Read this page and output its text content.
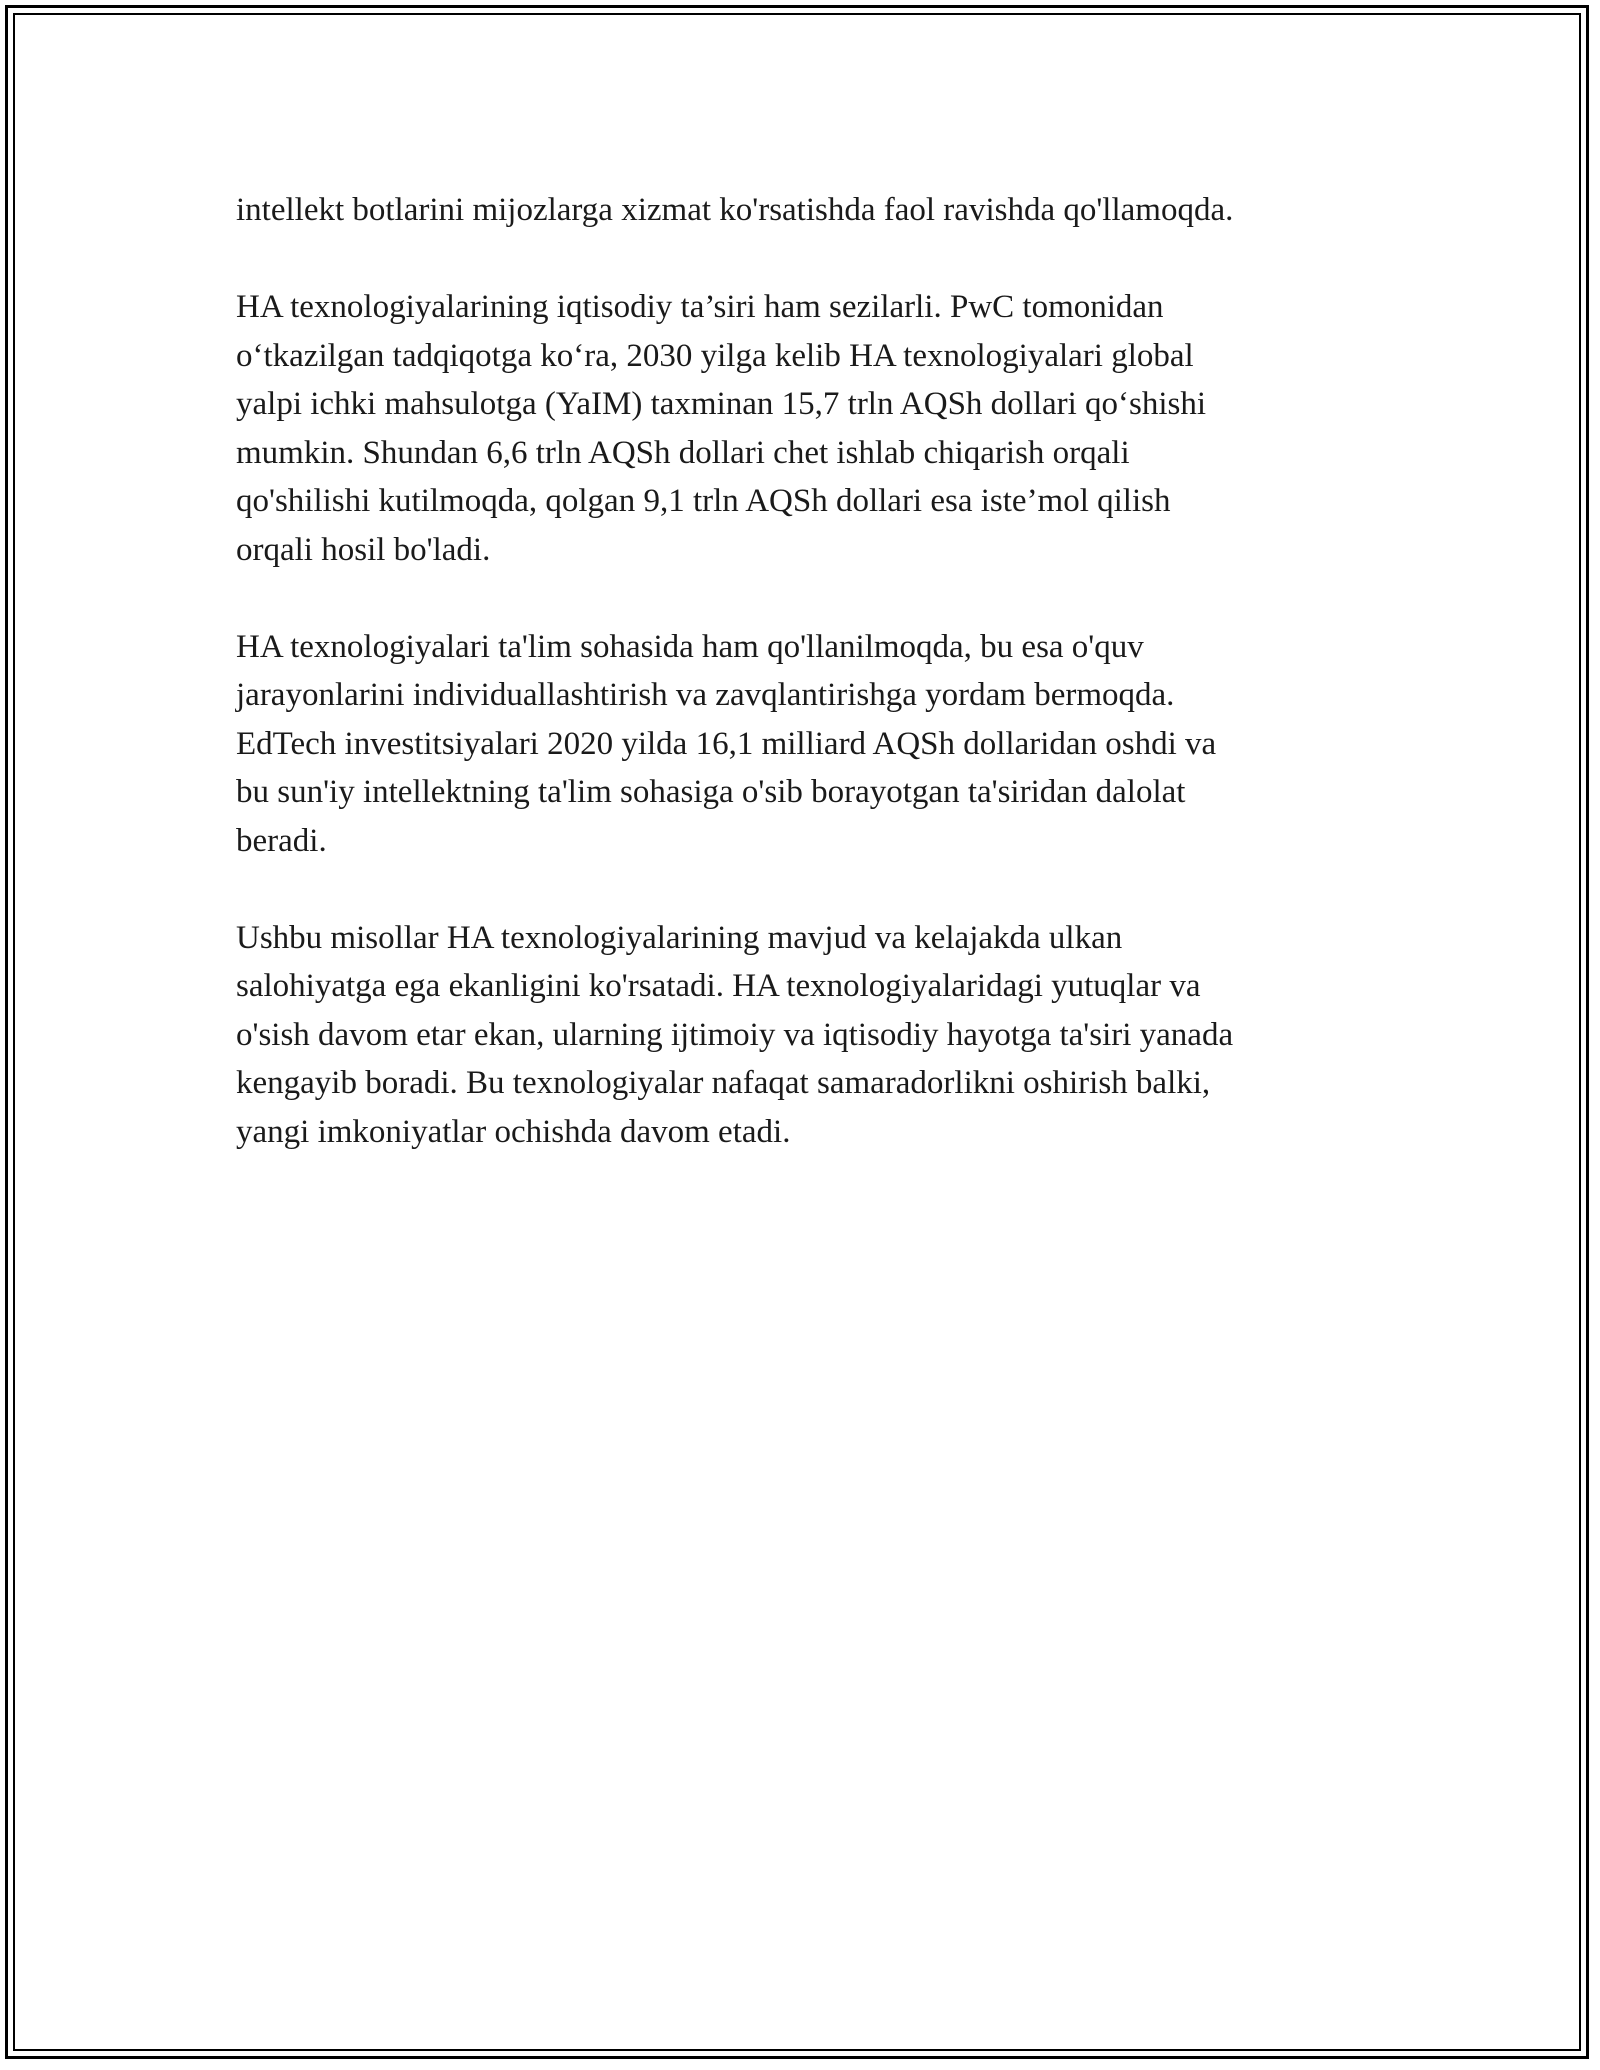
intellekt botlarini mijozlarga xizmat ko'rsatishda faol ravishda qo'llamoqda.

HA texnologiyalarining iqtisodiy ta’siri ham sezilarli. PwC tomonidan
o‘tkazilgan tadqiqotga ko‘ra, 2030 yilga kelib HA texnologiyalari global
yalpi ichki mahsulotga (YaIM) taxminan 15,7 trln AQSh dollari qo‘shishi
mumkin. Shundan 6,6 trln AQSh dollari chet ishlab chiqarish orqali
qo'shilishi kutilmoqda, qolgan 9,1 trln AQSh dollari esa iste’mol qilish
orqali hosil bo'ladi.

HA texnologiyalari ta'lim sohasida ham qo'llanilmoqda, bu esa o'quv
jarayonlarini individuallashtirish va zavqlantirishga yordam bermoqda.
EdTech investitsiyalari 2020 yilda 16,1 milliard AQSh dollaridan oshdi va
bu sun'iy intellektning ta'lim sohasiga o'sib borayotgan ta'siridan dalolat
beradi.

Ushbu misollar HA texnologiyalarining mavjud va kelajakda ulkan
salohiyatga ega ekanligini ko'rsatadi. HA texnologiyalaridagi yutuqlar va
o'sish davom etar ekan, ularning ijtimoiy va iqtisodiy hayotga ta'siri yanada
kengayib boradi. Bu texnologiyalar nafaqat samaradorlikni oshirish balki,
yangi imkoniyatlar ochishda davom etadi.
